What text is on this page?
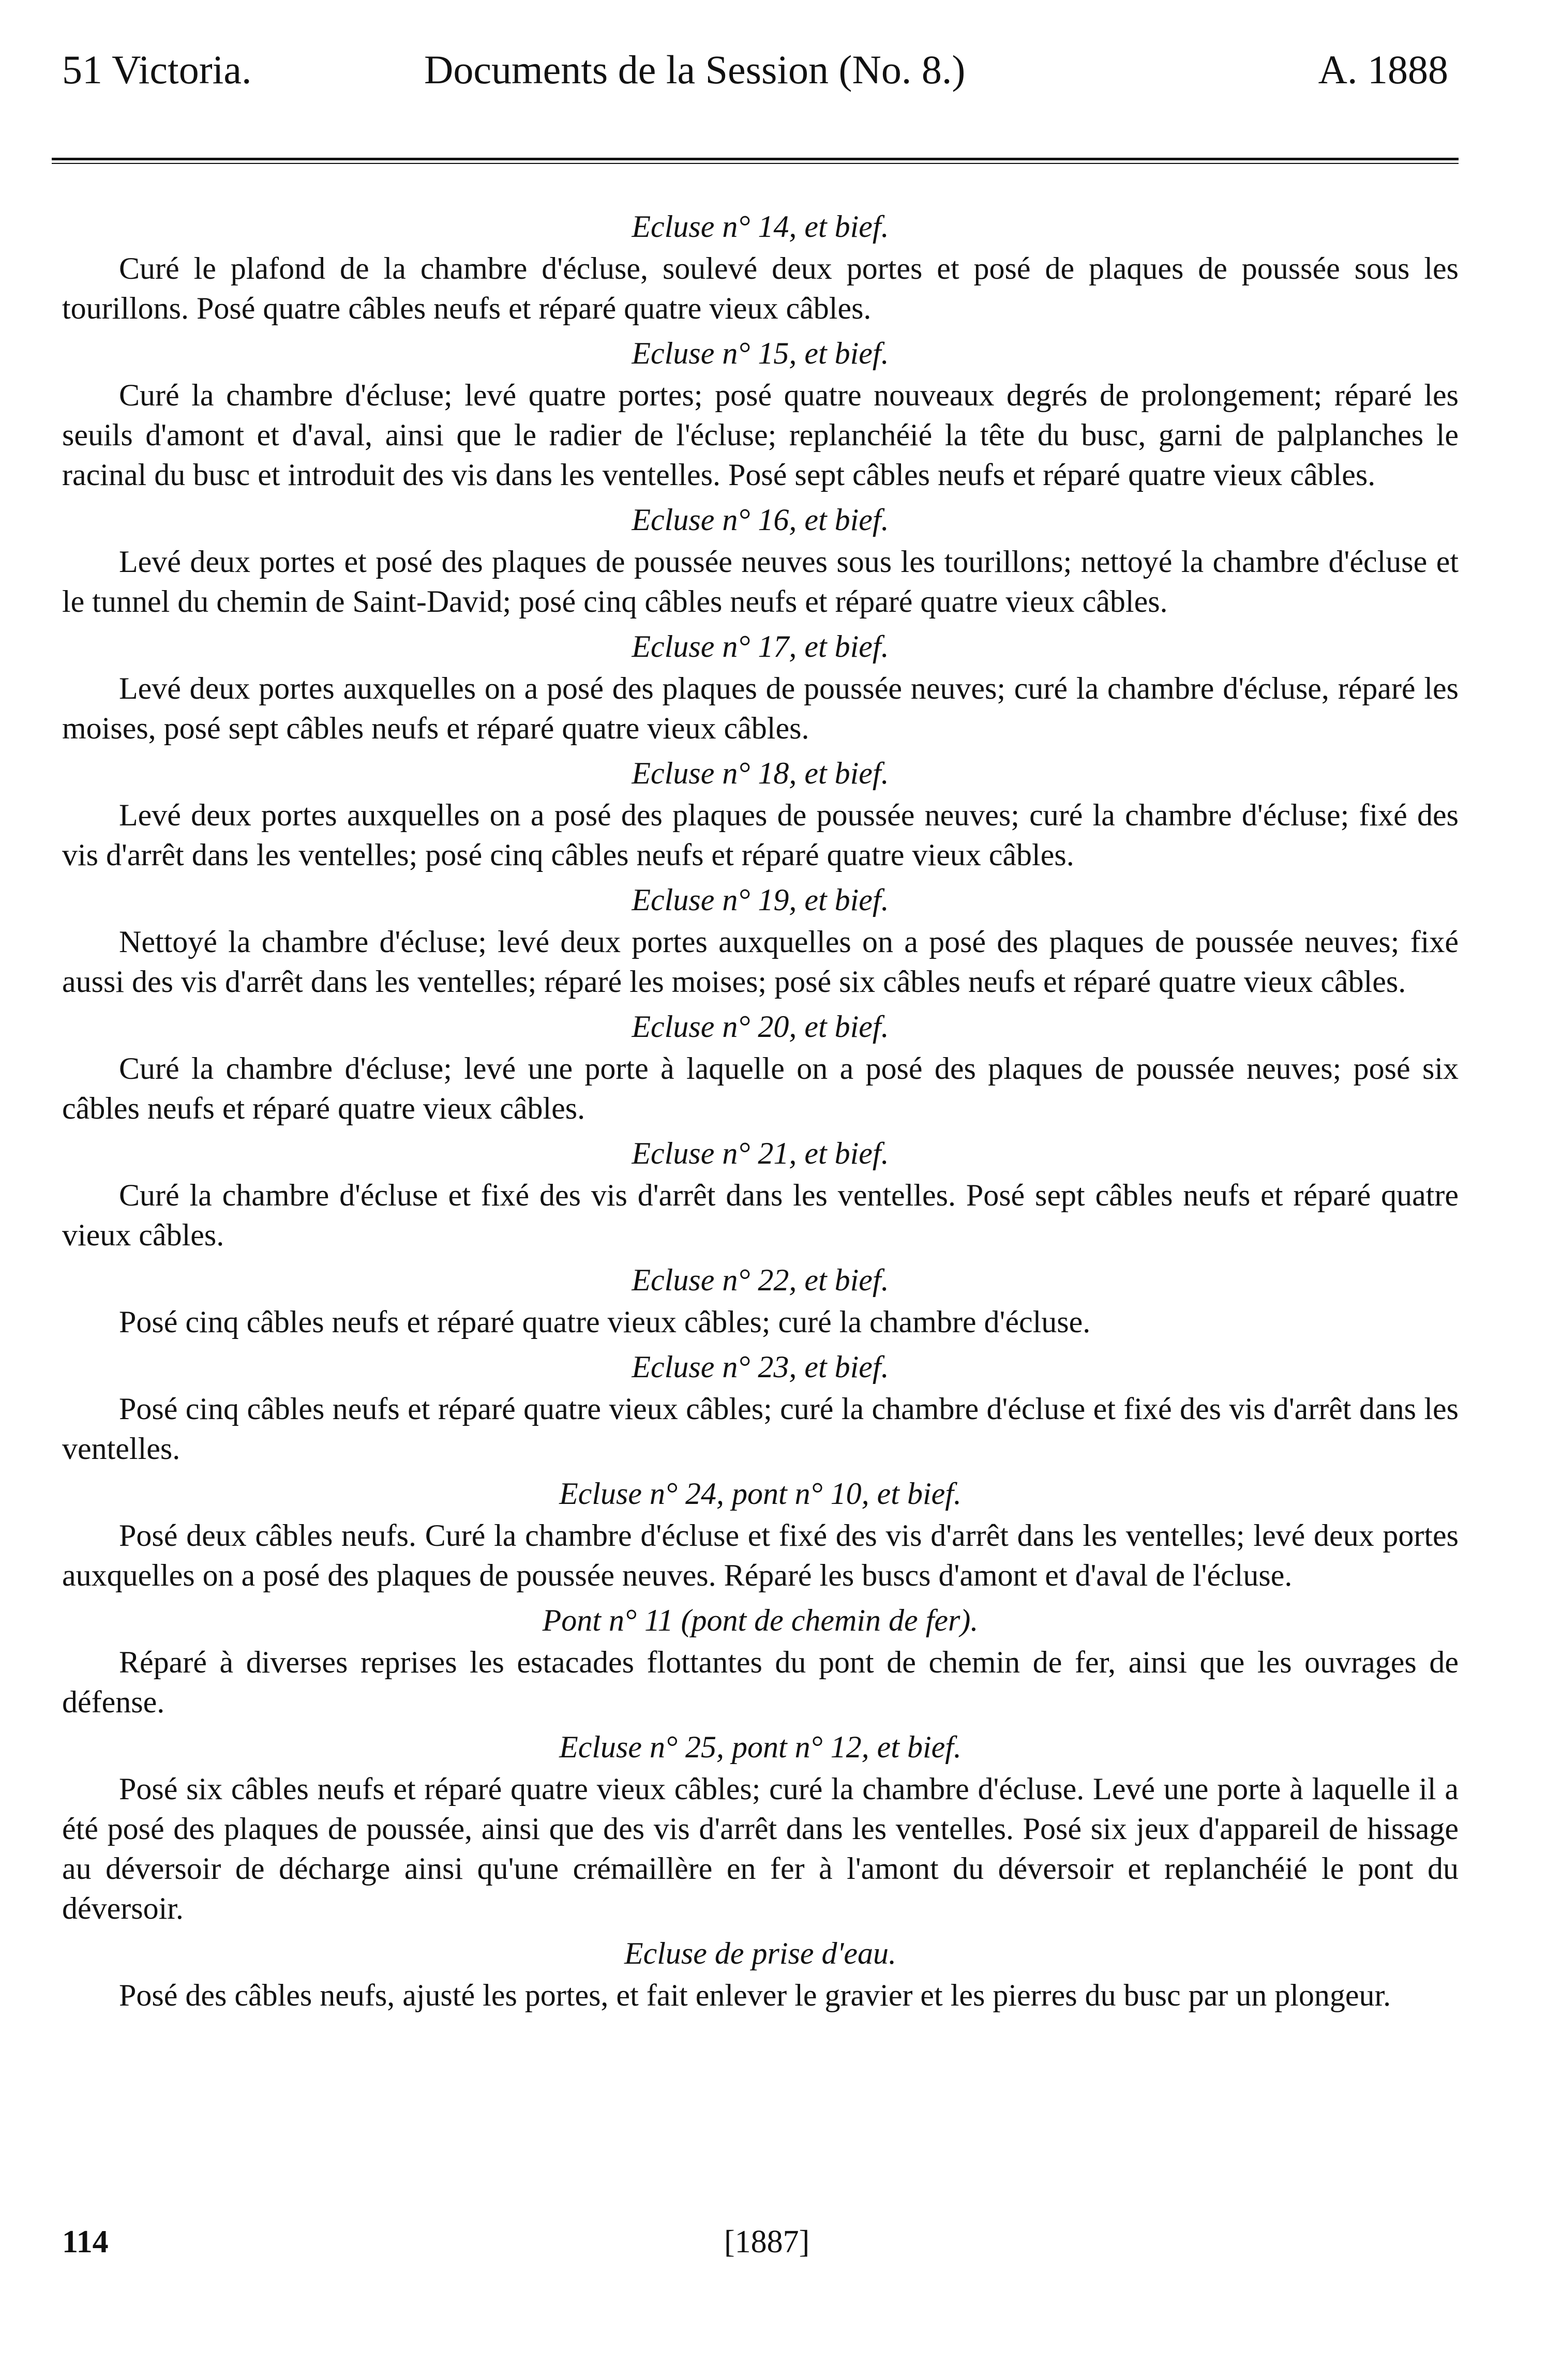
51 Victoria.	Documents de la Session (No. 8.)	A. 1888
Ecluse n° 14, et bief.

Curé le plafond de la chambre d'écluse, soulevé deux portes et posé de plaques de poussée sous les tourillons. Posé quatre câbles neufs et réparé quatre vieux câbles.

Ecluse n° 15, et bief.

Curé la chambre d'écluse; levé quatre portes; posé quatre nouveaux degrés de prolongement; réparé les seuils d'amont et d'aval, ainsi que le radier de l'écluse; replanchéié la tête du busc, garni de palplanches le racinal du busc et introduit des vis dans les ventelles. Posé sept câbles neufs et réparé quatre vieux câbles.

Ecluse n° 16, et bief.

Levé deux portes et posé des plaques de poussée neuves sous les tourillons; nettoyé la chambre d'écluse et le tunnel du chemin de Saint-David; posé cinq câbles neufs et réparé quatre vieux câbles.

Ecluse n° 17, et bief.

Levé deux portes auxquelles on a posé des plaques de poussée neuves; curé la chambre d'écluse, réparé les moises, posé sept câbles neufs et réparé quatre vieux câbles.

Ecluse n° 18, et bief.

Levé deux portes auxquelles on a posé des plaques de poussée neuves; curé la chambre d'écluse; fixé des vis d'arrêt dans les ventelles; posé cinq câbles neufs et réparé quatre vieux câbles.

Ecluse n° 19, et bief.

Nettoyé la chambre d'écluse; levé deux portes auxquelles on a posé des plaques de poussée neuves; fixé aussi des vis d'arrêt dans les ventelles; réparé les moises; posé six câbles neufs et réparé quatre vieux câbles.

Ecluse n° 20, et bief.

Curé la chambre d'écluse; levé une porte à laquelle on a posé des plaques de poussée neuves; posé six câbles neufs et réparé quatre vieux câbles.

Ecluse n° 21, et bief.

Curé la chambre d'écluse et fixé des vis d'arrêt dans les ventelles. Posé sept câbles neufs et réparé quatre vieux câbles.

Ecluse n° 22, et bief.

Posé cinq câbles neufs et réparé quatre vieux câbles; curé la chambre d'écluse.

Ecluse n° 23, et bief.

Posé cinq câbles neufs et réparé quatre vieux câbles; curé la chambre d'écluse et fixé des vis d'arrêt dans les ventelles.

Ecluse n° 24, pont n° 10, et bief.

Posé deux câbles neufs. Curé la chambre d'écluse et fixé des vis d'arrêt dans les ventelles; levé deux portes auxquelles on a posé des plaques de poussée neuves. Réparé les buscs d'amont et d'aval de l'écluse.

Pont n° 11 (pont de chemin de fer).

Réparé à diverses reprises les estacades flottantes du pont de chemin de fer, ainsi que les ouvrages de défense.

Ecluse n° 25, pont n° 12, et bief.

Posé six câbles neufs et réparé quatre vieux câbles; curé la chambre d'écluse. Levé une porte à laquelle il a été posé des plaques de poussée, ainsi que des vis d'arrêt dans les ventelles. Posé six jeux d'appareil de hissage au déversoir de décharge ainsi qu'une crémaillère en fer à l'amont du déversoir et replanchéié le pont du déversoir.

Ecluse de prise d'eau.

Posé des câbles neufs, ajusté les portes, et fait enlever le gravier et les pierres du busc par un plongeur.

114	[1887]
